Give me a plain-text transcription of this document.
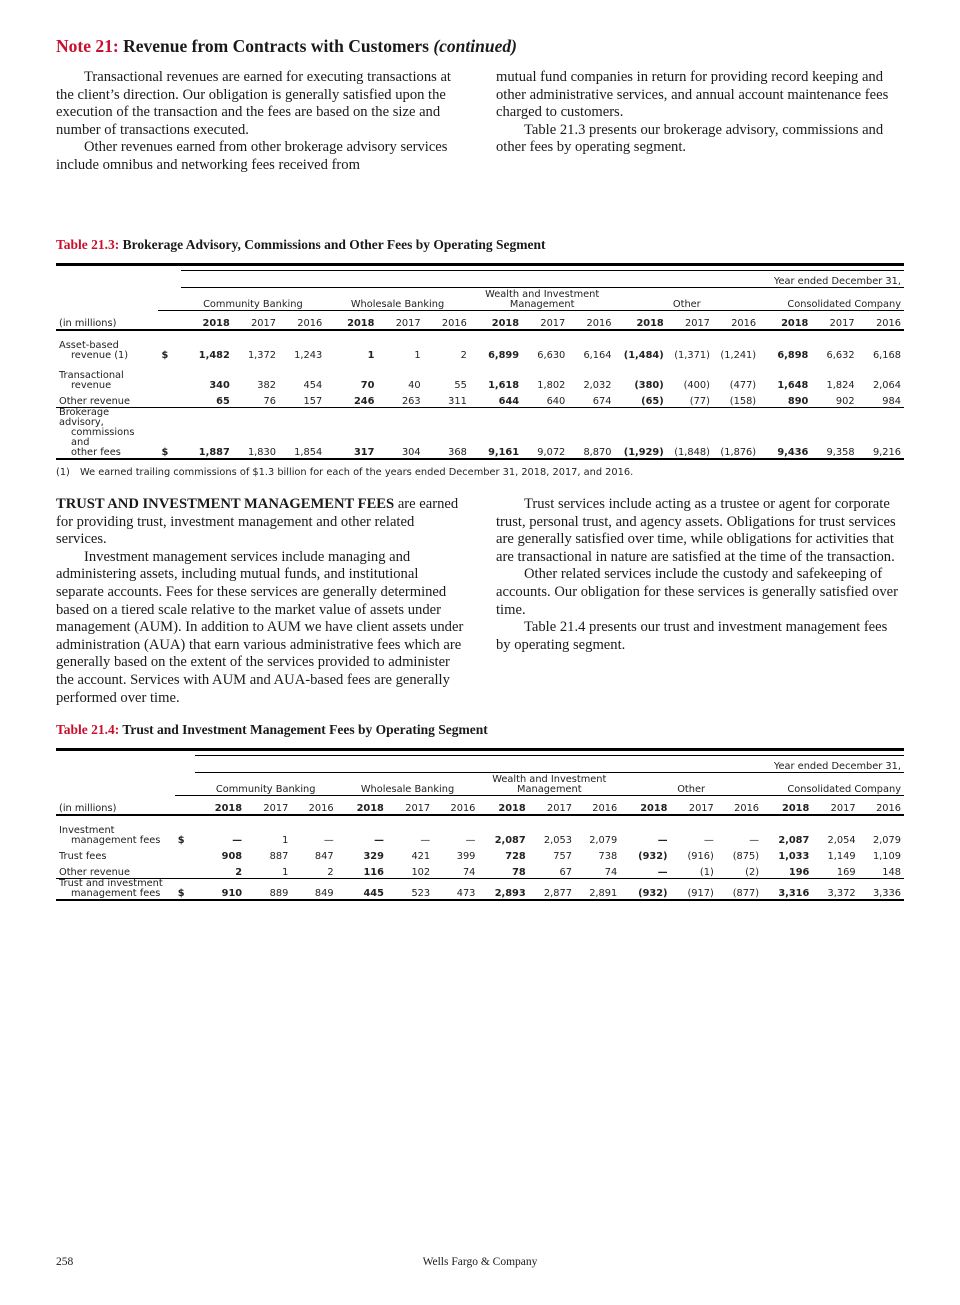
Note 21: Revenue from Contracts with Customers (continued)

Transactional revenues are earned for executing transactions at the client’s direction. Our obligation is generally satisfied upon the execution of the transaction and the fees are based on the size and number of transactions executed.

Other revenues earned from other brokerage advisory services include omnibus and networking fees received from

mutual fund companies in return for providing record keeping and other administrative services, and annual account maintenance fees charged to customers.

Table 21.3 presents our brokerage advisory, commissions and other fees by operating segment.

Table 21.3: Brokerage Advisory, Commissions and Other Fees by Operating Segment

		Year ended December 31,														
		Community Banking			Wholesale Banking			Wealth and Investment Management			Other			Consolidated Company		
(in millions)		2018	2017	2016	2018	2017	2016	2018	2017	2016	2018	2017	2016	2018	2017	2016

Asset-based
revenue (1)	$	1,482	1,372	1,243	1	1	2	6,899	6,630	6,164	(1,484)	(1,371)	(1,241)	6,898	6,632	6,168

Transactional
revenue		340	382	454	70	40	55	1,618	1,802	2,032	(380)	(400)	(477)	1,648	1,824	2,064

Other revenue		65	76	157	246	263	311	644	640	674	(65)	(77)	(158)	890	902	984

Brokerage advisory,
commissions and
other fees	$	1,887	1,830	1,854	317	304	368	9,161	9,072	8,870	(1,929)	(1,848)	(1,876)	9,436	9,358	9,216
(1) We earned trailing commissions of $1.3 billion for each of the years ended December 31, 2018, 2017, and 2016.

TRUST AND INVESTMENT MANAGEMENT FEES are earned for providing trust, investment management and other related services.

Investment management services include managing and administering assets, including mutual funds, and institutional separate accounts. Fees for these services are generally determined based on a tiered scale relative to the market value of assets under management (AUM). In addition to AUM we have client assets under administration (AUA) that earn various administrative fees which are generally based on the extent of the services provided to administer the account. Services with AUM and AUA-based fees are generally performed over time.

Trust services include acting as a trustee or agent for corporate trust, personal trust, and agency assets. Obligations for trust services are generally satisfied over time, while obligations for activities that are transactional in nature are satisfied at the time of the transaction.

Other related services include the custody and safekeeping of accounts. Our obligation for these services is generally satisfied over time.

Table 21.4 presents our trust and investment management fees by operating segment.

Table 21.4: Trust and Investment Management Fees by Operating Segment

		Year ended December 31,														
		Community Banking			Wholesale Banking			Wealth and Investment Management			Other			Consolidated Company		
(in millions)		2018	2017	2016	2018	2017	2016	2018	2017	2016	2018	2017	2016	2018	2017	2016

Investment
management fees	$	—	1	—	—	—	—	2,087	2,053	2,079	—	—	—	2,087	2,054	2,079

Trust fees		908	887	847	329	421	399	728	757	738	(932)	(916)	(875)	1,033	1,149	1,109

Other revenue		2	1	2	116	102	74	78	67	74	—	(1)	(2)	196	169	148

Trust and investment
management fees	$	910	889	849	445	523	473	2,893	2,877	2,891	(932)	(917)	(877)	3,316	3,372	3,336
258	Wells Fargo & Company
